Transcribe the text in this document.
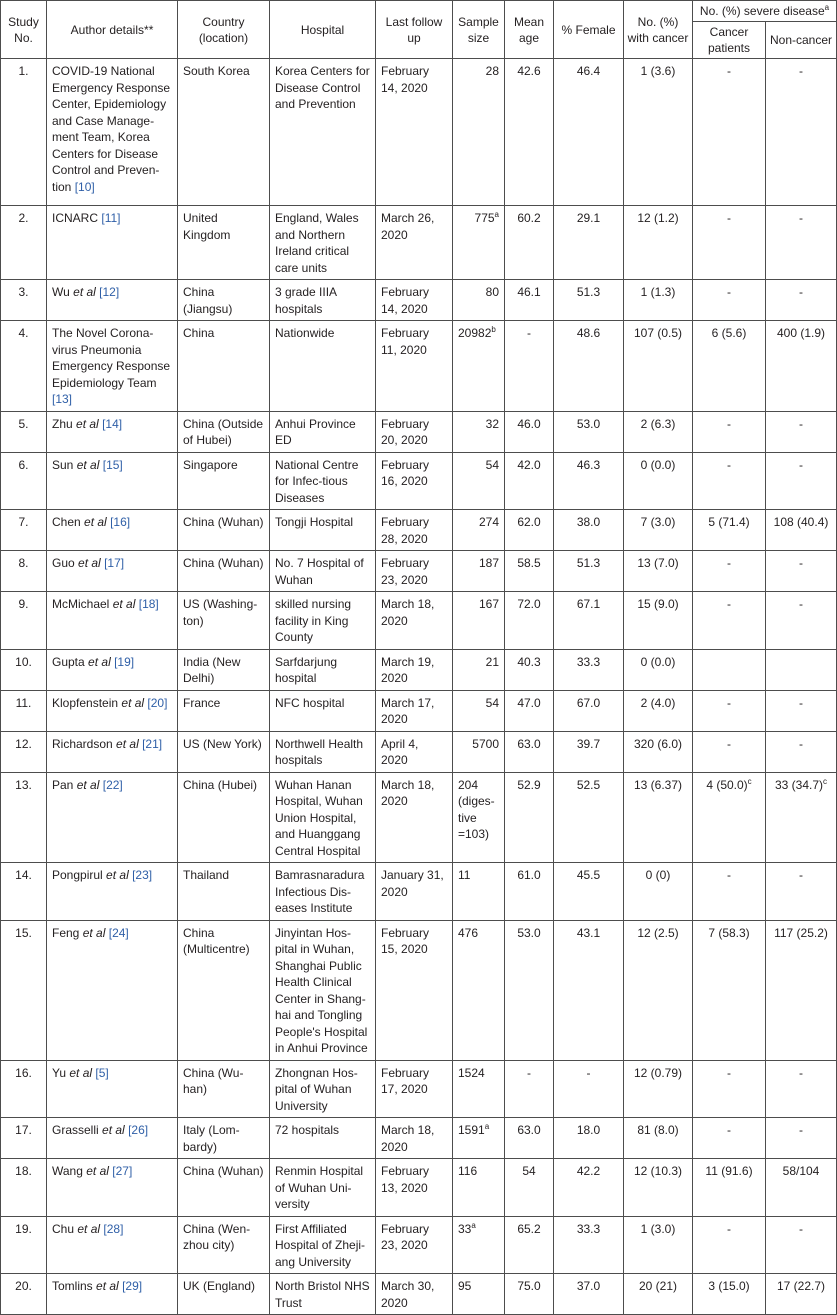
Study No.	Author details**	Country (location)	Hospital	Last follow up	Sample size	Mean age	% Female	No. (%) with cancer	No. (%) severe disease$^a$
									Cancer patients	Non-cancer
1.	COVID-19 National Emergency Response Center, Epidemiology and Case Manage-ment Team, Korea Centers for Disease Control and Preven-tion [10]	South Korea	Korea Centers for Disease Control and Prevention	February 14, 2020	28	42.6	46.4	1 (3.6)	-	-
2.	ICNARC [11]	United Kingdom	England, Wales and Northern Ireland critical care units	March 26, 2020	775$^a$	60.2	29.1	12 (1.2)	-	-
3.	Wu et al [12]	China (Jiangsu)	3 grade IIIA hospitals	February 14, 2020	80	46.1	51.3	1 (1.3)	-	-
4.	The Novel Corona-virus Pneumonia Emergency Response Epidemiology Team [13]	China	Nationwide	February 11, 2020	20982$^b$	-	48.6	107 (0.5)	6 (5.6)	400 (1.9)
5.	Zhu et al [14]	China (Outside of Hubei)	Anhui Province ED	February 20, 2020	32	46.0	53.0	2 (6.3)	-	-
6.	Sun et al [15]	Singapore	National Centre for Infec-tious Diseases	February 16, 2020	54	42.0	46.3	0 (0.0)	-	-
7.	Chen et al [16]	China (Wuhan)	Tongji Hospital	February 28, 2020	274	62.0	38.0	7 (3.0)	5 (71.4)	108 (40.4)
8.	Guo et al [17]	China (Wuhan)	No. 7 Hospital of Wuhan	February 23, 2020	187	58.5	51.3	13 (7.0)	-	-
9.	McMichael et al [18]	US (Washing-ton)	skilled nursing facility in King County	March 18, 2020	167	72.0	67.1	15 (9.0)	-	-
10.	Gupta et al [19]	India (New Delhi)	Sarfdarjung hospital	March 19, 2020	21	40.3	33.3	0 (0.0)		
11.	Klopfenstein et al [20]	France	NFC hospital	March 17, 2020	54	47.0	67.0	2 (4.0)	-	-
12.	Richardson et al [21]	US (New York)	Northwell Health hospitals	April 4, 2020	5700	63.0	39.7	320 (6.0)	-	-
13.	Pan et al [22]	China (Hubei)	Wuhan Hanan Hospital, Wuhan Union Hospital, and Huanggang Central Hospital	March 18, 2020	204 (diges-tive =103)	52.9	52.5	13 (6.37)	4 $(50.0)^c$	33 $(34.7)^c$
14.	Pongpirul et al [23]	Thailand	Bamrasnaradura Infectious Dis-eases Institute	January 31, 2020	11	61.0	45.5	0 (0)	-	-
15.	Feng et al [24]	China (Multicentre)	Jinyintan Hos-pital in Wuhan, Shanghai Public Health Clinical Center in Shang-hai and Tongling People's Hospital in Anhui Province	February 15, 2020	476	53.0	43.1	12 (2.5)	7 (58.3)	117 (25.2)
16.	Yu et al [5]	China (Wu-han)	Zhongnan Hos-pital of Wuhan University	February 17, 2020	1524	-	-	12 (0.79)	-	-
17.	Grasselli et al [26]	Italy (Lom-bardy)	72 hospitals	March 18, 2020	1591$^a$	63.0	18.0	81 (8.0)	-	-
18.	Wang et al [27]	China (Wuhan)	Renmin Hospital of Wuhan Uni-versity	February 13, 2020	116	54	42.2	12 (10.3)	11 (91.6)	58/104
19.	Chu et al [28]	China (Wen-zhou city)	First Affiliated Hospital of Zheji-ang University	February 23, 2020	33$^a$	65.2	33.3	1 (3.0)	-	-
20.	Tomlins et al [29]	UK (England)	North Bristol NHS Trust	March 30, 2020	95	75.0	37.0	20 (21)	3 (15.0)	17 (22.7)
